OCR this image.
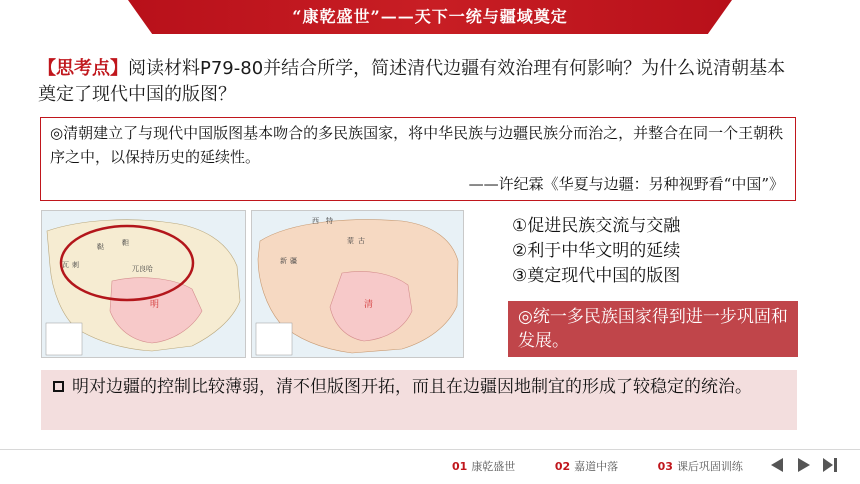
“康乾盛世”——天下一统与疆域奠定
【思考点】阅读材料P79-80并结合所学，简述清代边疆有效治理有何影响？为什么说清朝基本奠定了现代中国的版图？
◎清朝建立了与现代中国版图基本吻合的多民族国家，将中华民族与边疆民族分而治之，并整合在同一个王朝秩序之中，以保持历史的延续性。
——许纪霖《华夏与边疆：另种视野看“中国”》
鞑	靼
瓦 刺	兀良哈
明
西 特
蒙 古
新 疆
清
①促进民族交流与交融
②利于中华文明的延续
③奠定现代中国的版图
◎统一多民族国家得到进一步巩固和发展。
明对边疆的控制比较薄弱，清不但版图开拓，而且在边疆因地制宜的形成了较稳定的统治。
01 康乾盛世	02 嘉道中落	03 课后巩固训练
